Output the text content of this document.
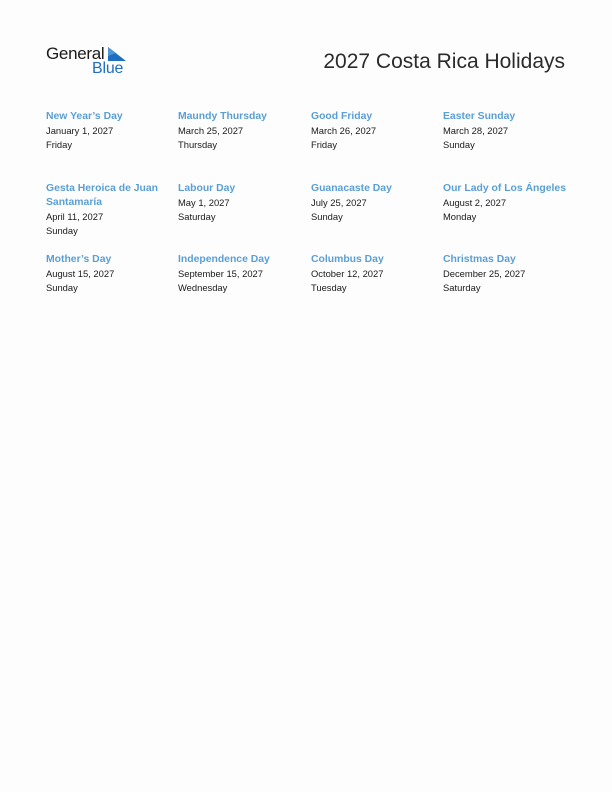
General
Blue	2027 Costa Rica Holidays
New Year’s Day
January 1, 2027
Friday
Maundy Thursday
March 25, 2027
Thursday
Good Friday
March 26, 2027
Friday
Easter Sunday
March 28, 2027
Sunday
Gesta Heroica de Juan Santamaría
April 11, 2027
Sunday
Labour Day
May 1, 2027
Saturday
Guanacaste Day
July 25, 2027
Sunday
Our Lady of Los Ángeles
August 2, 2027
Monday
Mother’s Day
August 15, 2027
Sunday
Independence Day
September 15, 2027
Wednesday
Columbus Day
October 12, 2027
Tuesday
Christmas Day
December 25, 2027
Saturday
